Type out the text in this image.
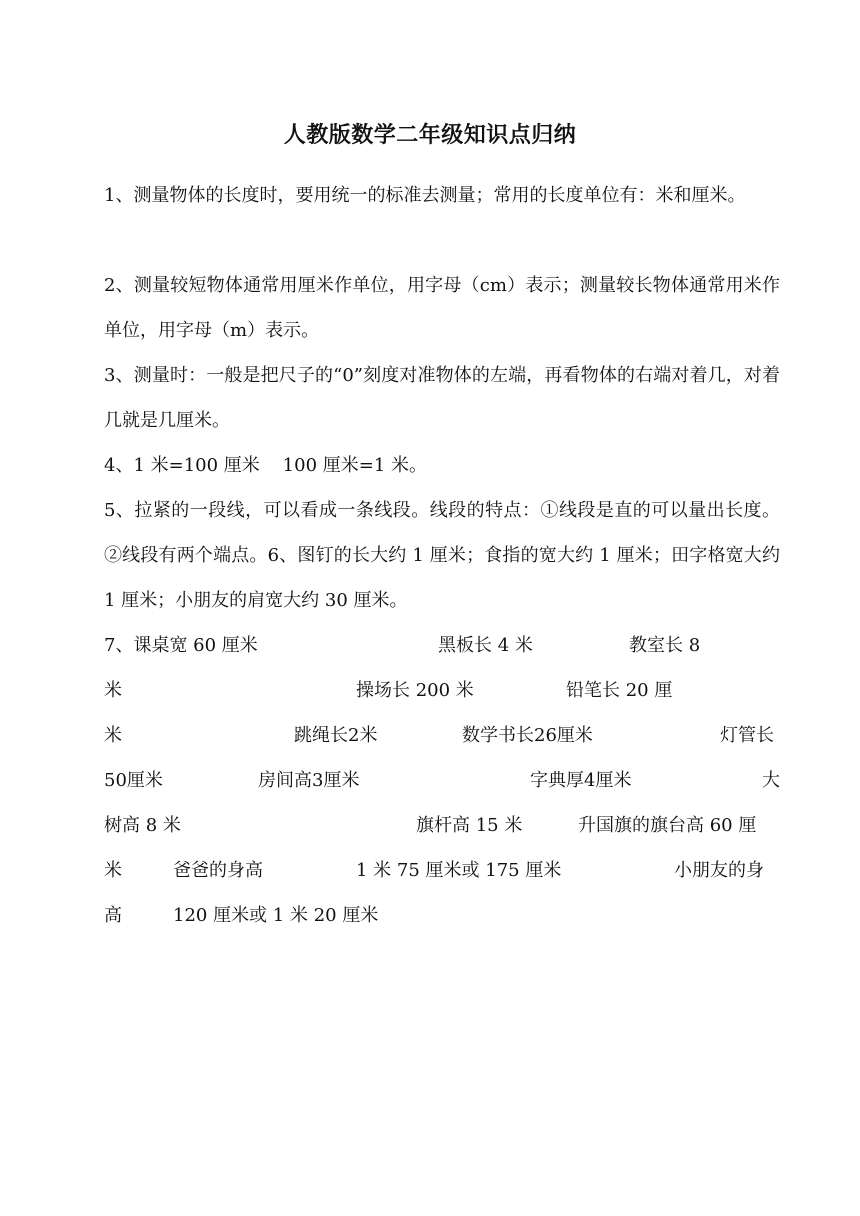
人教版数学二年级知识点归纳
1、测量物体的长度时，要用统一的标准去测量；常用的长度单位有：米和厘米。
2、测量较短物体通常用厘米作单位，用字母（cm）表示；测量较长物体通常用米作单位，用字母（m）表示。
3、测量时：一般是把尺子的“0”刻度对准物体的左端，再看物体的右端对着几，对着几就是几厘米。
4、1 米=100 厘米    100 厘米=1 米。
5、拉紧的一段线，可以看成一条线段。线段的特点：①线段是直的可以量出长度。②线段有两个端点。6、图钉的长大约 1 厘米；食指的宽大约 1 厘米；田字格宽大约 1 厘米；小朋友的肩宽大约 30 厘米。
7、课桌宽 60 厘米	黑板长 4 米	教室长 8
米	操场长 200 米	铅笔长 20 厘
米	跳绳长2米	数学书长26厘米	灯管长
50厘米	房间高3厘米	字典厚4厘米	大
树高 8 米	旗杆高 15 米	升国旗的旗台高 60 厘
米	爸爸的身高	1 米 75 厘米或 175 厘米	小朋友的身
高	120 厘米或 1 米 20 厘米
